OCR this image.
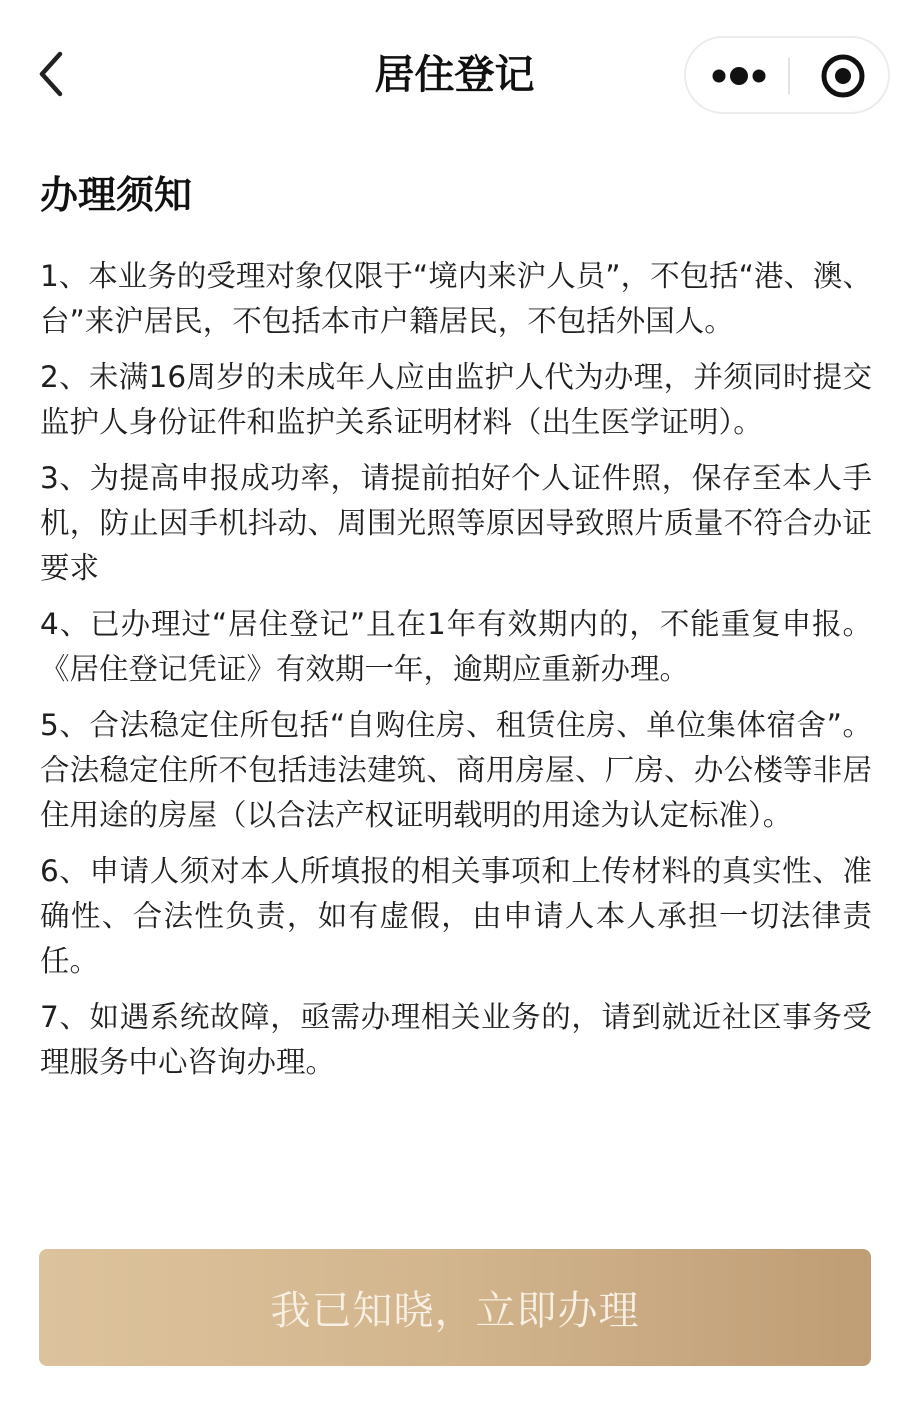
居住登记
办理须知
1、本业务的受理对象仅限于“境内来沪人员”，不包括“港、澳、台”来沪居民，不包括本市户籍居民，不包括外国人。
2、未满16周岁的未成年人应由监护人代为办理，并须同时提交监护人身份证件和监护关系证明材料（出生医学证明）。
3、为提高申报成功率，请提前拍好个人证件照，保存至本人手机，防止因手机抖动、周围光照等原因导致照片质量不符合办证要求
4、已办理过“居住登记”且在1年有效期内的，不能重复申报。《居住登记凭证》有效期一年，逾期应重新办理。
5、合法稳定住所包括“自购住房、租赁住房、单位集体宿舍”。合法稳定住所不包括违法建筑、商用房屋、厂房、办公楼等非居住用途的房屋（以合法产权证明载明的用途为认定标准）。
6、申请人须对本人所填报的相关事项和上传材料的真实性、准确性、合法性负责，如有虚假，由申请人本人承担一切法律责任。
7、如遇系统故障，亟需办理相关业务的，请到就近社区事务受理服务中心咨询办理。
我已知晓，立即办理
